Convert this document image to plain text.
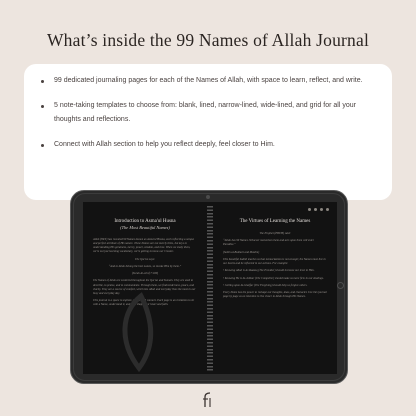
What’s inside the 99 Names of Allah Journal
99 dedicated journaling pages for each of the Names of Allah, with space to learn, reflect, and write.
5 note-taking templates to choose from: blank, lined, narrow-lined, wide-lined, and grid for all your thoughts and reflections.
Connect with Allah section to help you reflect deeply, feel closer to Him.
Introduction to Asma'ul Husna
(The Most Beautiful Names)
Allah (SWT) has revealed 99 Names known as Asma'ul Husna, each reflecting a unique and perfect attribute of His nature. These Names are not merely titles, but keys to understanding His greatness, mercy, power, wisdom, and love. When we study them, we're not just learning vocabulary, we're getting to know our Creator.
The Qur'an says:
“And to Allah belong the best names, so invoke Him by them.”
(Surah Al-A'raf 7:180)
The Names of Allah are scattered throughout the Qur'an and Sunnah. They are used to describe, to praise, and to communicate. Through them, we find tenderness, peace, and clarity. They are a source of comfort, which ties Allah and everyday lives the most in our busy and everyday day.
This journal is a space to explore, reflect, and connect. Each page is an invitation to sit with a Name, understand it, and let it shape your heart and faith.
The Virtues of Learning the Names
The Prophet (PBUH) said:
“Allah has 99 Names. Whoever memorizes them and acts upon them will enter Paradise.”
(Sahih al-Bukhari and Muslim)
This beautiful hadith teaches us that memorization is not enough; the Names must live in our hearts and be reflected in our actions. For example:
• Knowing Allah is Ar-Razzaq (The Provider) should increase our trust in Him.
• Knowing He is Al-Jabbar (The Compeller) should make us more firm in our dealings.
• Calling upon Al-Ghaffar (The Forgiving) should help us forgive others.
Every Name has the power to reshape our thoughts, duas, and character. Use this journal page by page as an intention to live closer to Allah through His Names.
